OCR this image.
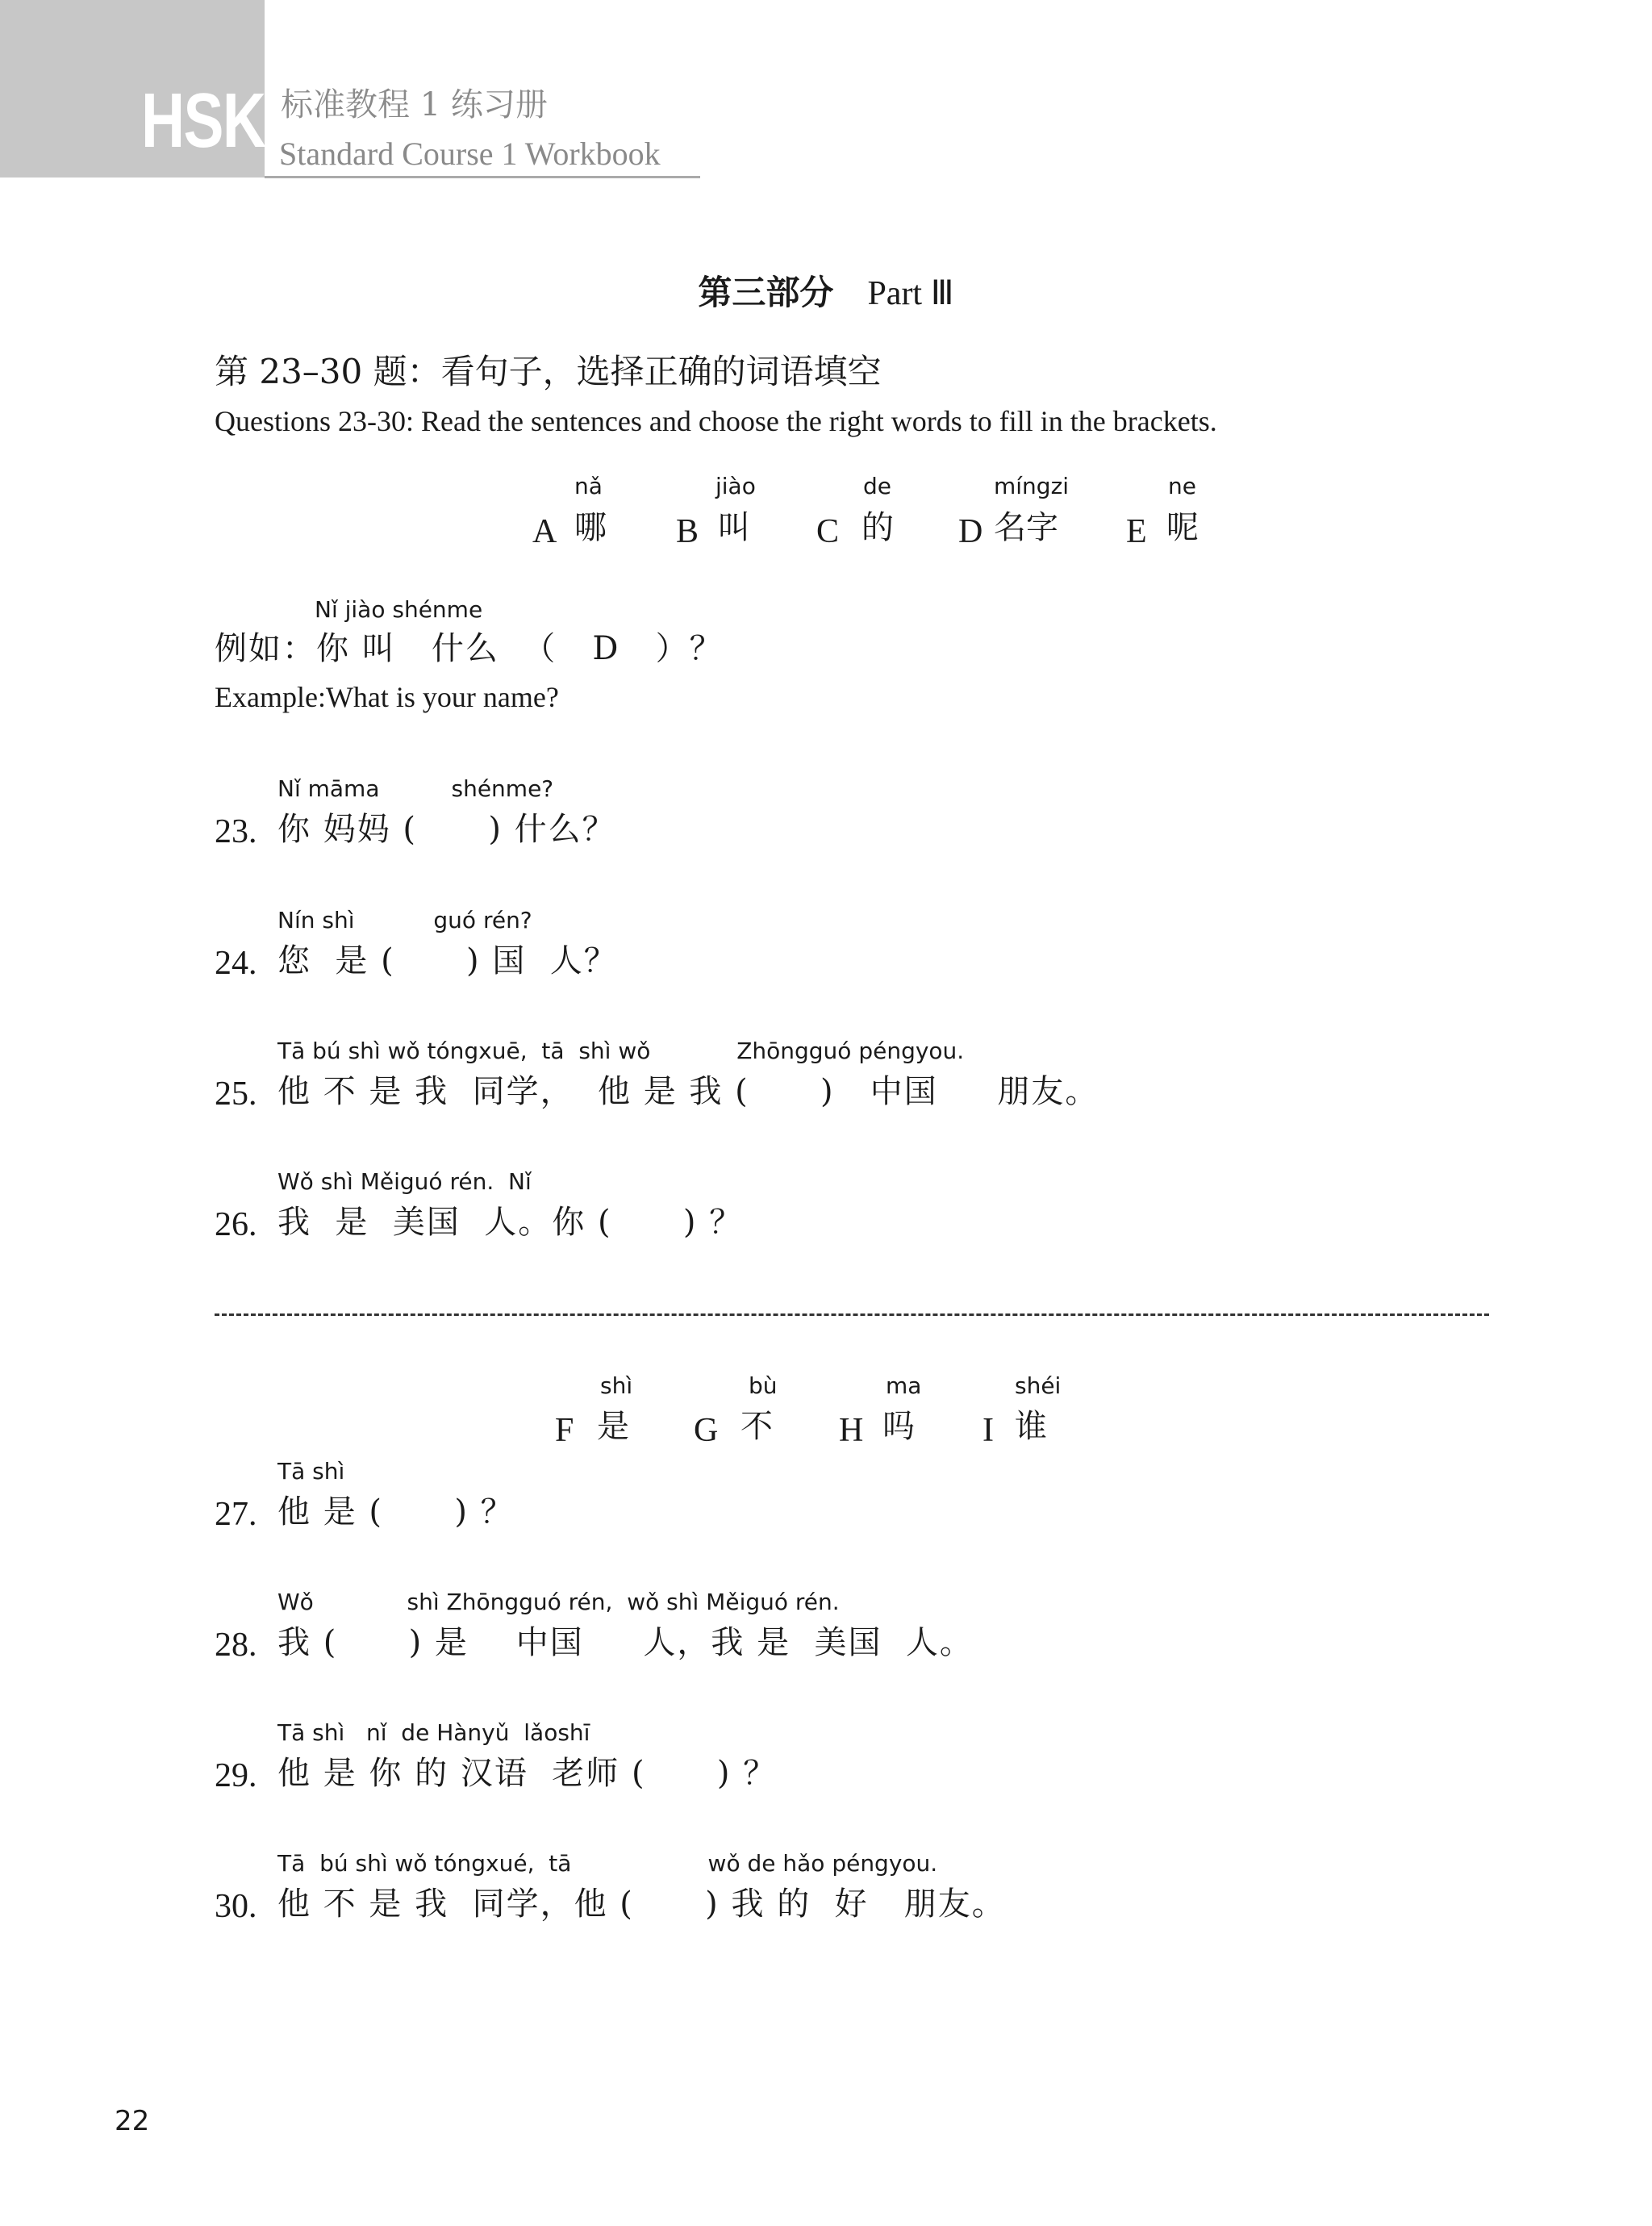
HSK 标准教程 1 练习册
Standard Course 1 Workbook
第三部分 Part Ⅲ
第 23–30 题：看句子，选择正确的词语填空
Questions 23-30: Read the sentences and choose the right words to fill in the brackets.
nǎ
A 哪
jiào
B 叫
de
C 的
míngzi
D 名字
ne
E 呢
Nǐ jiào shénme
例如：你 叫   什么  （   D   ）？
Example:What is your name?
Nǐ māma          shénme?
23. 你 妈妈 (      ) 什么？
Nín shì           guó rén?
24. 您  是 (      ) 国  人？
Tā bú shì wǒ tóngxuē,  tā  shì wǒ            Zhōngguó péngyou.
25. 他 不 是 我  同学，  他 是 我 (      )   中国     朋友。
Wǒ shì Měiguó rén.  Nǐ
26. 我  是  美国  人。你 (      ) ？
shì
F 是
bù
G 不
ma
H 吗
shéi
I 谁
Tā shì
27. 他 是 (      ) ？
Wǒ             shì Zhōngguó rén,  wǒ shì Měiguó rén.
28. 我 (      ) 是    中国     人，我 是  美国  人。
Tā shì   nǐ  de Hànyǔ  lǎoshī
29. 他 是 你 的 汉语  老师 (      ) ？
Tā  bú shì wǒ tóngxué,  tā                   wǒ de hǎo péngyou.
30. 他 不 是 我  同学，他 (      ) 我 的  好   朋友。
22
